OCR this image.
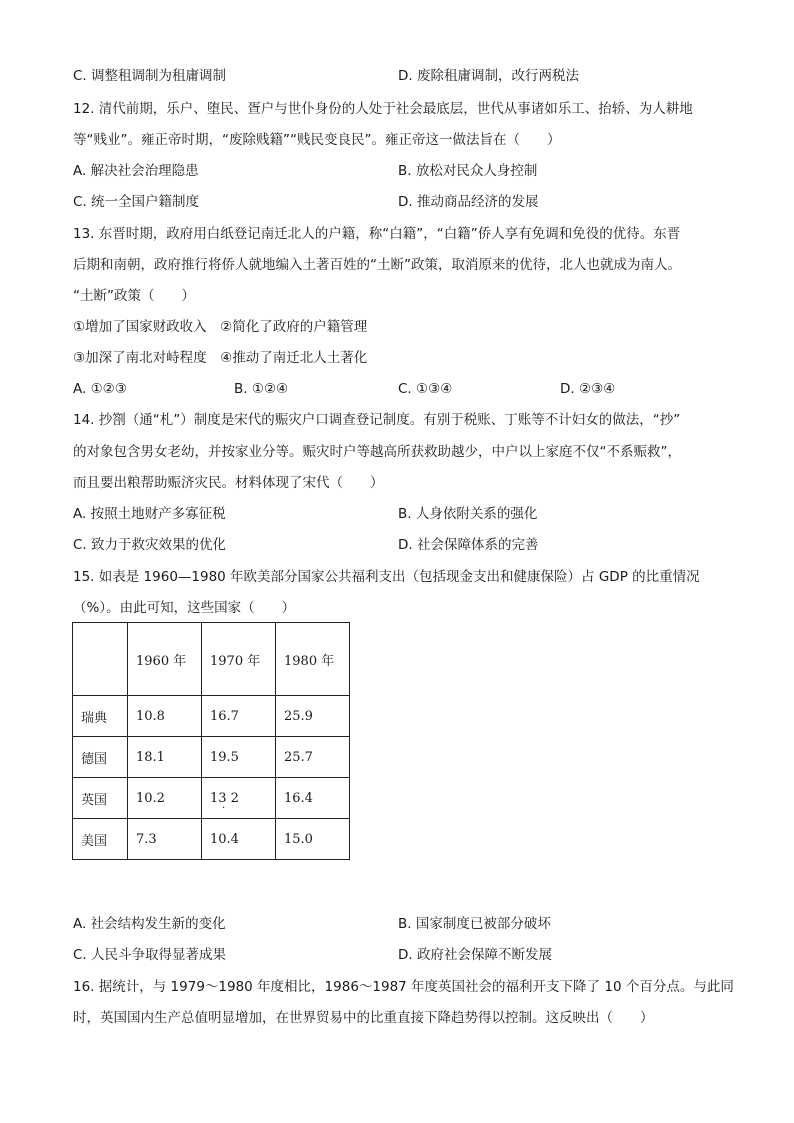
C. 调整租调制为租庸调制	D. 废除租庸调制，改行两税法
12. 清代前期，乐户、堕民、疍户与世仆身份的人处于社会最底层，世代从事诸如乐工、抬轿、为人耕地
等“贱业”。雍正帝时期，“废除贱籍”“贱民变良民”。雍正帝这一做法旨在（　　）
A. 解决社会治理隐患	B. 放松对民众人身控制
C. 统一全国户籍制度	D. 推动商品经济的发展
13. 东晋时期，政府用白纸登记南迁北人的户籍，称“白籍”，“白籍”侨人享有免调和免役的优待。东晋
后期和南朝，政府推行将侨人就地编入土著百姓的“土断”政策，取消原来的优待，北人也就成为南人。
“土断”政策（　　）
①增加了国家财政收入　②简化了政府的户籍管理
③加深了南北对峙程度　④推动了南迁北人土著化
A. ①②③	B. ①②④	C. ①③④	D. ②③④
14. 抄劄（通“札”）制度是宋代的赈灾户口调查登记制度。有别于税账、丁账等不计妇女的做法，“抄”
的对象包含男女老幼，并按家业分等。赈灾时户等越高所获救助越少，中户以上家庭不仅“不系赈救”，
而且要出粮帮助赈济灾民。材料体现了宋代（　　）
A. 按照土地财产多寡征税	B. 人身依附关系的强化
C. 致力于救灾效果的优化	D. 社会保障体系的完善
15. 如表是 1960—1980 年欧美部分国家公共福利支出（包括现金支出和健康保险）占 GDP 的比重情况
（%）。由此可知，这些国家（　　）
	1960 年	1970 年	1980 年
瑞典	10.8	16.7	25.9
德国	18.1	19.5	25.7
英国	10.2	13 2 ·	16.4
美国	7.3	10.4	15.0
A. 社会结构发生新的变化	B. 国家制度已被部分破坏
C. 人民斗争取得显著成果	D. 政府社会保障不断发展
16. 据统计，与 1979～1980 年度相比，1986～1987 年度英国社会的福利开支下降了 10 个百分点。与此同
时，英国国内生产总值明显增加，在世界贸易中的比重直接下降趋势得以控制。这反映出（　　）
